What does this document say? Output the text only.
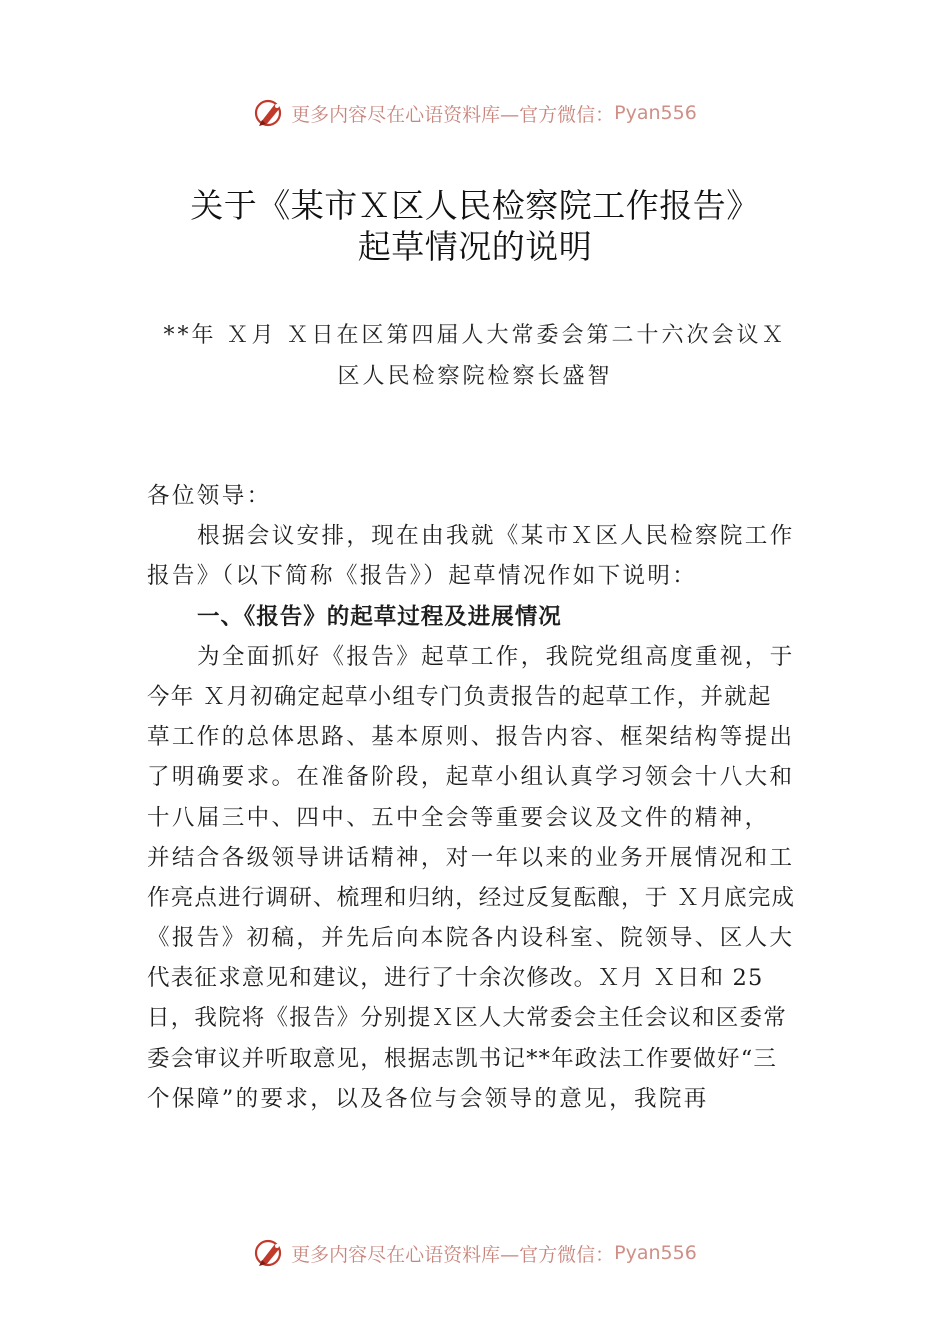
更多内容尽在心语资料库—官方微信： Pyan556
关于《某市Ｘ区人民检察院工作报告》
起草情况的说明
**年 Ｘ月 Ｘ日在区第四届人大常委会第二十六次会议Ｘ
区人民检察院检察长盛智
各位领导：
根据会议安排，现在由我就《某市Ｘ区人民检察院工作
报告》（以下简称《报告》）起草情况作如下说明：
一、《报告》的起草过程及进展情况
为全面抓好《报告》起草工作，我院党组高度重视，于
今年 Ｘ月初确定起草小组专门负责报告的起草工作，并就起
草工作的总体思路、基本原则、报告内容、框架结构等提出
了明确要求。在准备阶段，起草小组认真学习领会十八大和
十八届三中、四中、五中全会等重要会议及文件的精神，
并结合各级领导讲话精神，对一年以来的业务开展情况和工
作亮点进行调研、梳理和归纳，经过反复酝酿，于 Ｘ月底完成
《报告》初稿，并先后向本院各内设科室、院领导、区人大
代表征求意见和建议，进行了十余次修改。Ｘ月 Ｘ日和 25
日，我院将《报告》分别提Ｘ区人大常委会主任会议和区委常
委会审议并听取意见，根据志凯书记**年政法工作要做好“三
个保障”的要求，以及各位与会领导的意见，我院再
更多内容尽在心语资料库—官方微信： Pyan556
